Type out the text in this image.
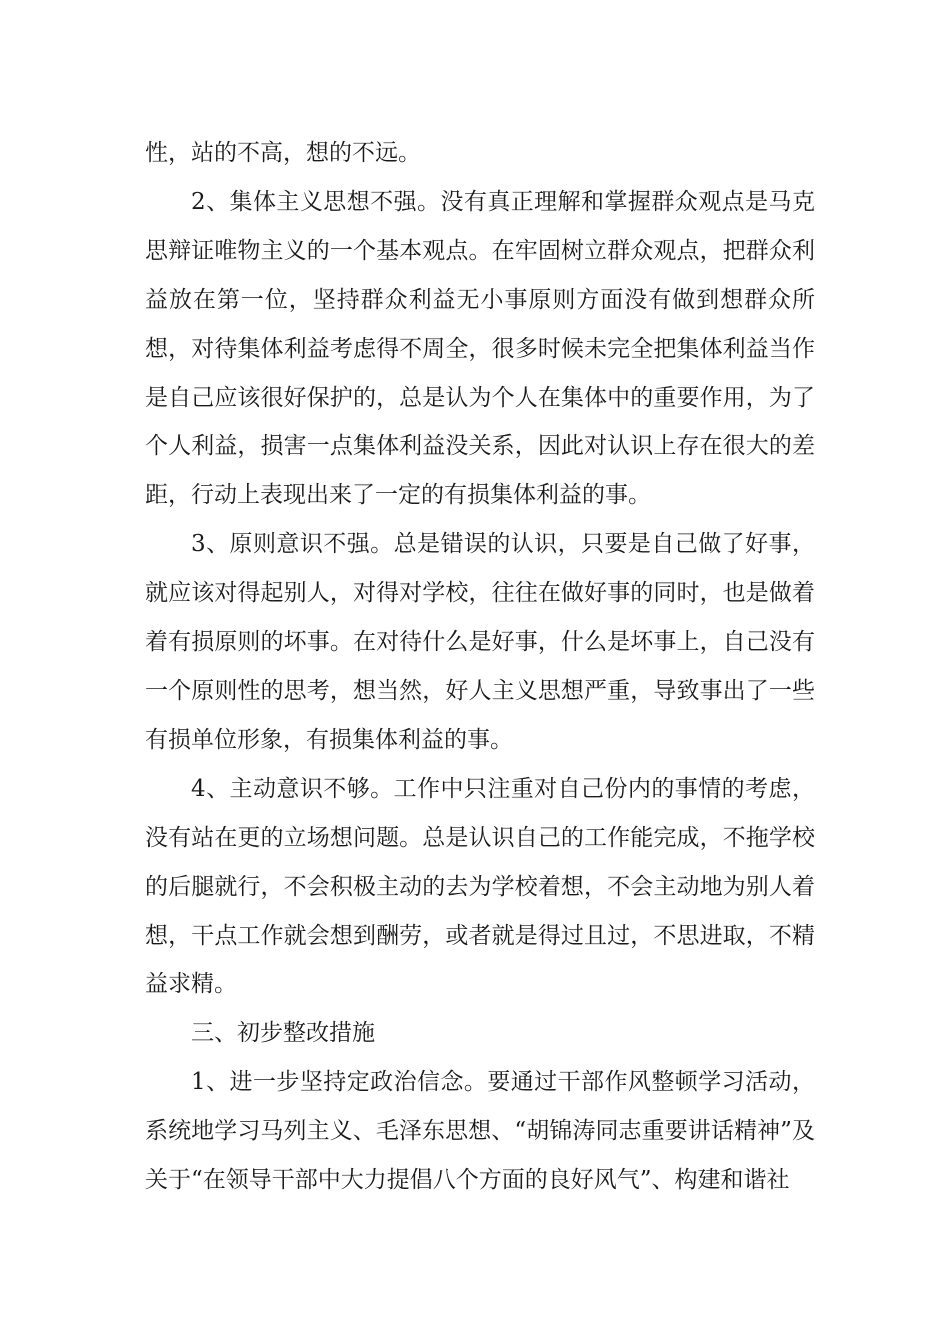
性，站的不高，想的不远。

2、集体主义思想不强。没有真正理解和掌握群众观点是马克思辩证唯物主义的一个基本观点。在牢固树立群众观点，把群众利益放在第一位，坚持群众利益无小事原则方面没有做到想群众所想，对待集体利益考虑得不周全，很多时候未完全把集体利益当作是自己应该很好保护的，总是认为个人在集体中的重要作用，为了个人利益，损害一点集体利益没关系，因此对认识上存在很大的差距，行动上表现出来了一定的有损集体利益的事。

3、原则意识不强。总是错误的认识，只要是自己做了好事，就应该对得起别人，对得对学校，往往在做好事的同时，也是做着着有损原则的坏事。在对待什么是好事，什么是坏事上，自己没有一个原则性的思考，想当然，好人主义思想严重，导致事出了一些有损单位形象，有损集体利益的事。

4、主动意识不够。工作中只注重对自己份内的事情的考虑，没有站在更的立场想问题。总是认识自己的工作能完成，不拖学校的后腿就行，不会积极主动的去为学校着想，不会主动地为别人着想，干点工作就会想到酬劳，或者就是得过且过，不思进取，不精益求精。

三、初步整改措施

1、进一步坚持定政治信念。要通过干部作风整顿学习活动，系统地学习马列主义、毛泽东思想、“胡锦涛同志重要讲话精神”及关于“在领导干部中大力提倡八个方面的良好风气”、构建和谐社
